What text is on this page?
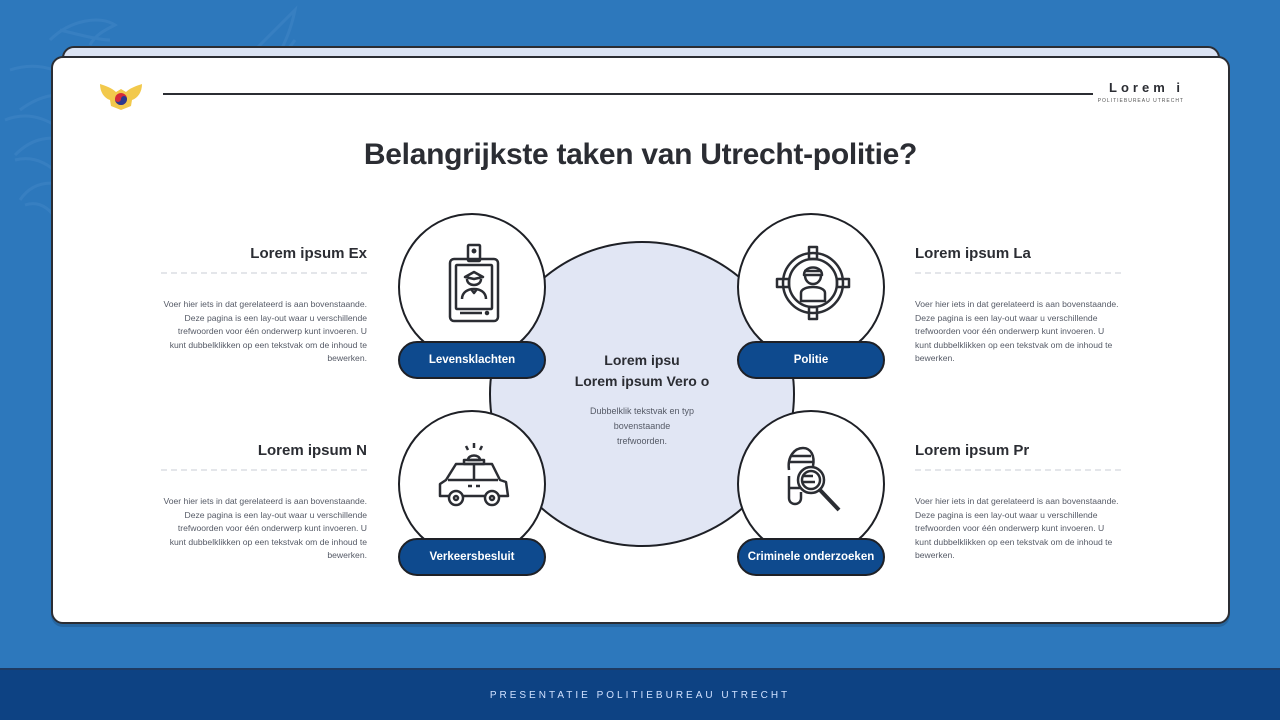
Lorem i
POLITIEBUREAU UTRECHT
Belangrijkste taken van Utrecht-politie?
Lorem ipsu
Lorem ipsum Vero o
Dubbelklik tekstvak en typ
bovenstaande
trefwoorden.
Levensklachten	Politie
Verkeersbesluit	Criminele onderzoeken
Lorem ipsum Ex
Voer hier iets in dat gerelateerd is aan bovenstaande. Deze pagina is een lay-out waar u verschillende trefwoorden voor één onderwerp kunt invoeren. U kunt dubbelklikken op een tekstvak om de inhoud te bewerken.
Lorem ipsum La
Voer hier iets in dat gerelateerd is aan bovenstaande. Deze pagina is een lay-out waar u verschillende trefwoorden voor één onderwerp kunt invoeren. U kunt dubbelklikken op een tekstvak om de inhoud te bewerken.
Lorem ipsum N
Voer hier iets in dat gerelateerd is aan bovenstaande. Deze pagina is een lay-out waar u verschillende trefwoorden voor één onderwerp kunt invoeren. U kunt dubbelklikken op een tekstvak om de inhoud te bewerken.
Lorem ipsum Pr
Voer hier iets in dat gerelateerd is aan bovenstaande. Deze pagina is een lay-out waar u verschillende trefwoorden voor één onderwerp kunt invoeren. U kunt dubbelklikken op een tekstvak om de inhoud te bewerken.
PRESENTATIE POLITIEBUREAU UTRECHT
